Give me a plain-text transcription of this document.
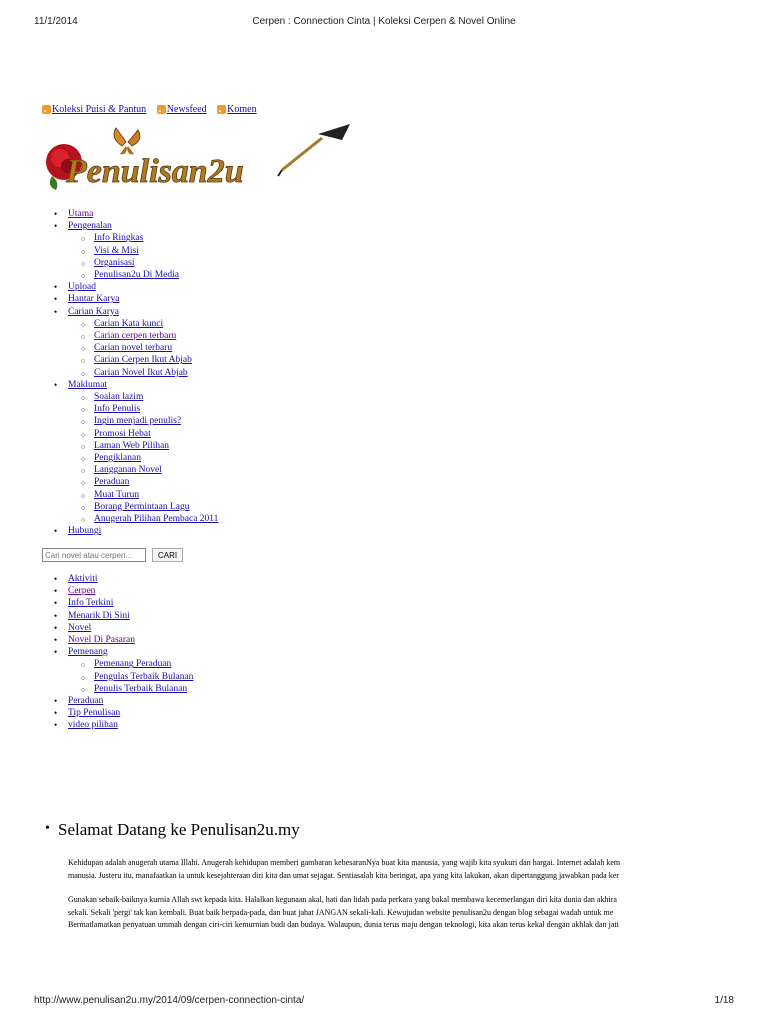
11/1/2014	Cerpen : Connection Cinta | Koleksi Cerpen & Novel Online
Koleksi Puisi & Pantun
Newsfeed
Komen
Penulisan2u
• Utama
• Pengenalan
○ Info Ringkas
○ Visi & Misi
○ Organisasi
○ Penulisan2u Di Media
• Upload
• Hantar Karya
• Carian Karya
○ Carian Kata kunci
○ Carian cerpen terbaru
○ Carian novel terbaru
○ Carian Cerpen Ikut Abjab
○ Carian Novel Ikut Abjab
• Maklumat
○ Soalan lazim
○ Info Penulis
○ Ingin menjadi penulis?
○ Promosi Hebat
○ Laman Web Pilihan
○ Pengiklanan
○ Langganan Novel
○ Peraduan
○ Muat Turun
○ Borang Permintaan Lagu
○ Anugerah Pilihan Pembaca 2011
• Hubungi
Cari novel atau cerpen...
CARI
• Aktiviti
• Cerpen
• Info Terkini
• Menarik Di Sini
• Novel
• Novel Di Pasaran
• Pemenang
○ Pemenang Peraduan
○ Pengulas Terbaik Bulanan
○ Penulis Terbaik Bulanan
• Peraduan
• Tip Penulisan
• video pilihan
• Selamat Datang ke Penulisan2u.my

Kehidupan adalah anugerah utama Illahi. Anugerah kehidupan memberi gambaran kebesaranNya buat kita manusia, yang wajib kita syukuri dan hargai. Internet adalah kem

manusia. Justeru itu, manafaatkan ia untuk kesejahteraan diri kita dan umat sejagat. Sentiasalah kita beringat, apa yang kita lakukan, akan dipertanggung jawabkan pada ker

Gunakan sebaik-baiknya kurnia Allah swt kepada kita. Halalkan kegunaan akal, hati dan lidah pada perkara yang bakal membawa kecemerlangan diri kita dunia dan akhira

sekali. Sekali 'pergi' tak kan kembali. Buat baik berpada-pada, dan buat jahat JANGAN sekali-kali. Kewujudan website penulisan2u dengan blog sebagai wadah untuk me

Bermatlamatkan penyatuan ummah dengan ciri-ciri kemurnian budi dan budaya. Walaupun, dunia terus maju dengan teknologi, kita akan terus kekal dengan akhlak dan jati

http://www.penulisan2u.my/2014/09/cerpen-connection-cinta/	1/18
